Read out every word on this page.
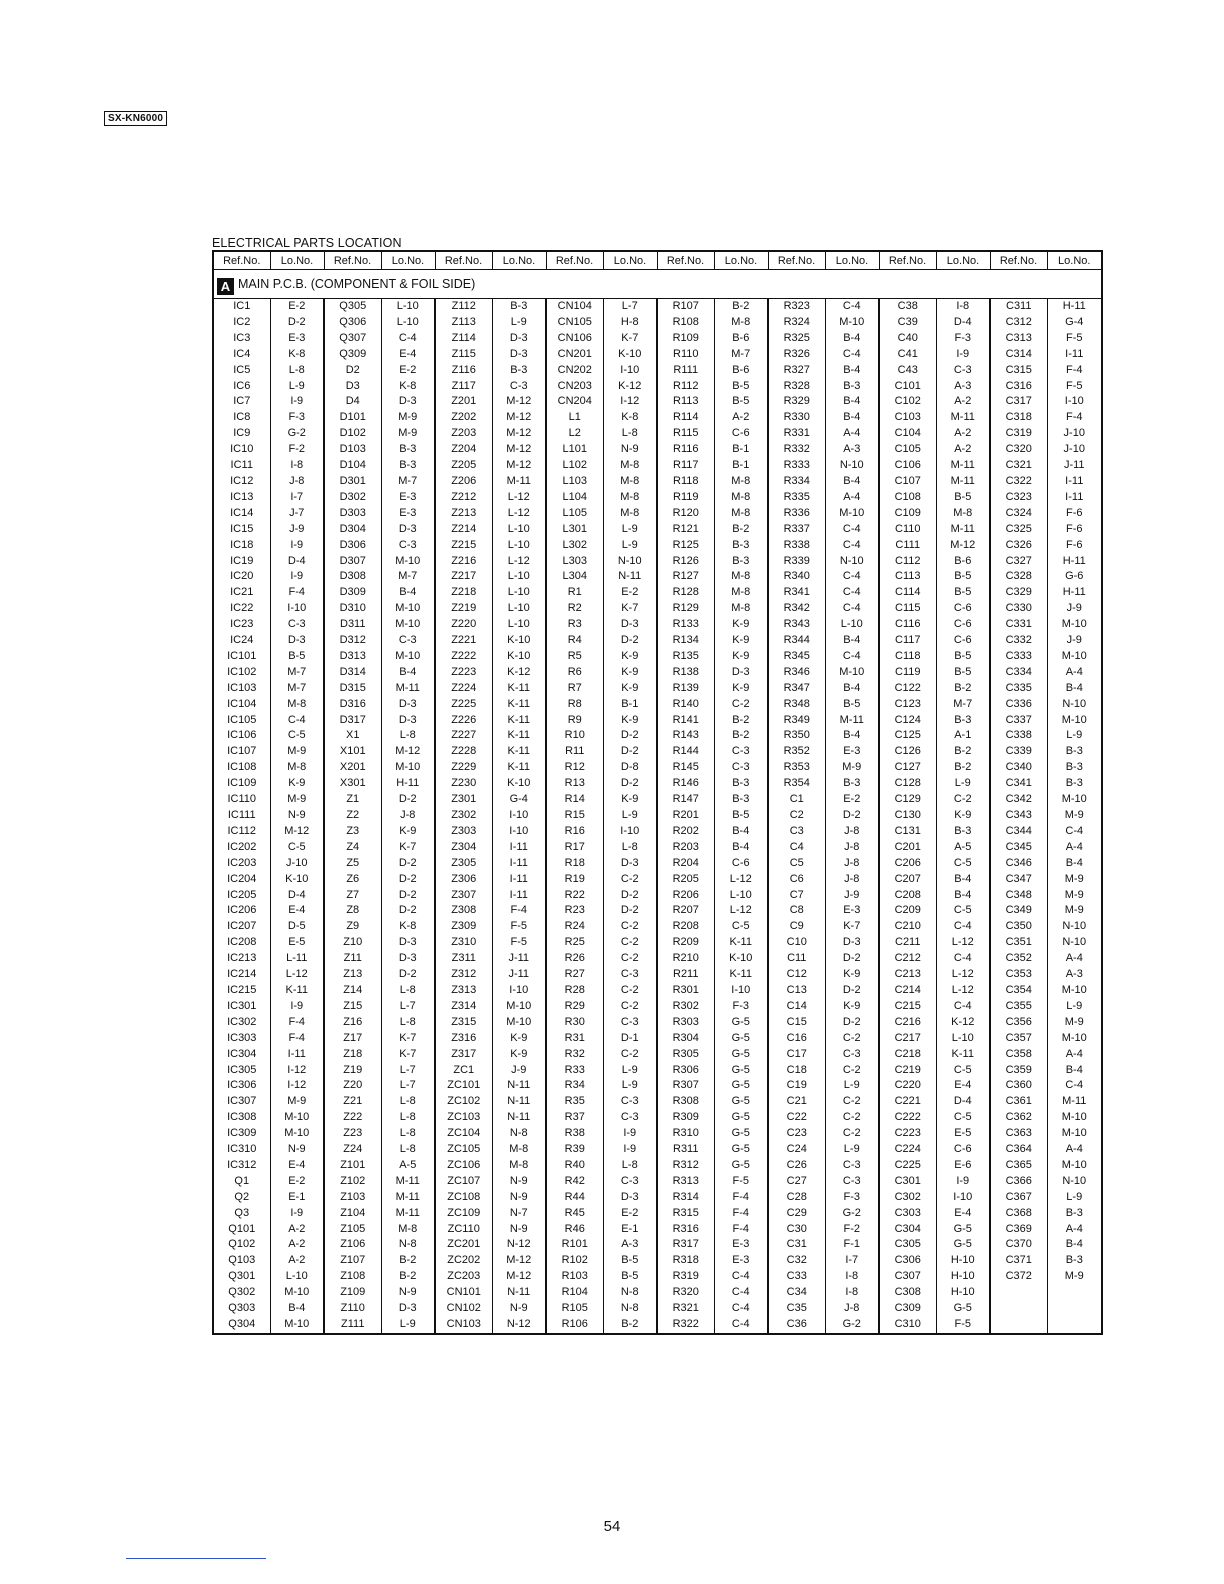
SX-KN6000
ELECTRICAL PARTS LOCATION
Ref.No.	Lo.No.	Ref.No.	Lo.No.	Ref.No.	Lo.No.	Ref.No.	Lo.No.	Ref.No.	Lo.No.	Ref.No.	Lo.No.	Ref.No.	Lo.No.	Ref.No.	Lo.No.
A MAIN P.C.B. (COMPONENT & FOIL SIDE)															
IC1	E-2	Q305	L-10	Z112	B-3	CN104	L-7	R107	B-2	R323	C-4	C38	I-8	C311	H-11
IC2	D-2	Q306	L-10	Z113	L-9	CN105	H-8	R108	M-8	R324	M-10	C39	D-4	C312	G-4
IC3	E-3	Q307	C-4	Z114	D-3	CN106	K-7	R109	B-6	R325	B-4	C40	F-3	C313	F-5
IC4	K-8	Q309	E-4	Z115	D-3	CN201	K-10	R110	M-7	R326	C-4	C41	I-9	C314	I-11
IC5	L-8	D2	E-2	Z116	B-3	CN202	I-10	R111	B-6	R327	B-4	C43	C-3	C315	F-4
IC6	L-9	D3	K-8	Z117	C-3	CN203	K-12	R112	B-5	R328	B-3	C101	A-3	C316	F-5
IC7	I-9	D4	D-3	Z201	M-12	CN204	I-12	R113	B-5	R329	B-4	C102	A-2	C317	I-10
IC8	F-3	D101	M-9	Z202	M-12	L1	K-8	R114	A-2	R330	B-4	C103	M-11	C318	F-4
IC9	G-2	D102	M-9	Z203	M-12	L2	L-8	R115	C-6	R331	A-4	C104	A-2	C319	J-10
IC10	F-2	D103	B-3	Z204	M-12	L101	N-9	R116	B-1	R332	A-3	C105	A-2	C320	J-10
IC11	I-8	D104	B-3	Z205	M-12	L102	M-8	R117	B-1	R333	N-10	C106	M-11	C321	J-11
IC12	J-8	D301	M-7	Z206	M-11	L103	M-8	R118	M-8	R334	B-4	C107	M-11	C322	I-11
IC13	I-7	D302	E-3	Z212	L-12	L104	M-8	R119	M-8	R335	A-4	C108	B-5	C323	I-11
IC14	J-7	D303	E-3	Z213	L-12	L105	M-8	R120	M-8	R336	M-10	C109	M-8	C324	F-6
IC15	J-9	D304	D-3	Z214	L-10	L301	L-9	R121	B-2	R337	C-4	C110	M-11	C325	F-6
IC18	I-9	D306	C-3	Z215	L-10	L302	L-9	R125	B-3	R338	C-4	C111	M-12	C326	F-6
IC19	D-4	D307	M-10	Z216	L-12	L303	N-10	R126	B-3	R339	N-10	C112	B-6	C327	H-11
IC20	I-9	D308	M-7	Z217	L-10	L304	N-11	R127	M-8	R340	C-4	C113	B-5	C328	G-6
IC21	F-4	D309	B-4	Z218	L-10	R1	E-2	R128	M-8	R341	C-4	C114	B-5	C329	H-11
IC22	I-10	D310	M-10	Z219	L-10	R2	K-7	R129	M-8	R342	C-4	C115	C-6	C330	J-9
IC23	C-3	D311	M-10	Z220	L-10	R3	D-3	R133	K-9	R343	L-10	C116	C-6	C331	M-10
IC24	D-3	D312	C-3	Z221	K-10	R4	D-2	R134	K-9	R344	B-4	C117	C-6	C332	J-9
IC101	B-5	D313	M-10	Z222	K-10	R5	K-9	R135	K-9	R345	C-4	C118	B-5	C333	M-10
IC102	M-7	D314	B-4	Z223	K-12	R6	K-9	R138	D-3	R346	M-10	C119	B-5	C334	A-4
IC103	M-7	D315	M-11	Z224	K-11	R7	K-9	R139	K-9	R347	B-4	C122	B-2	C335	B-4
IC104	M-8	D316	D-3	Z225	K-11	R8	B-1	R140	C-2	R348	B-5	C123	M-7	C336	N-10
IC105	C-4	D317	D-3	Z226	K-11	R9	K-9	R141	B-2	R349	M-11	C124	B-3	C337	M-10
IC106	C-5	X1	L-8	Z227	K-11	R10	D-2	R143	B-2	R350	B-4	C125	A-1	C338	L-9
IC107	M-9	X101	M-12	Z228	K-11	R11	D-2	R144	C-3	R352	E-3	C126	B-2	C339	B-3
IC108	M-8	X201	M-10	Z229	K-11	R12	D-8	R145	C-3	R353	M-9	C127	B-2	C340	B-3
IC109	K-9	X301	H-11	Z230	K-10	R13	D-2	R146	B-3	R354	B-3	C128	L-9	C341	B-3
IC110	M-9	Z1	D-2	Z301	G-4	R14	K-9	R147	B-3	C1	E-2	C129	C-2	C342	M-10
IC111	N-9	Z2	J-8	Z302	I-10	R15	L-9	R201	B-5	C2	D-2	C130	K-9	C343	M-9
IC112	M-12	Z3	K-9	Z303	I-10	R16	I-10	R202	B-4	C3	J-8	C131	B-3	C344	C-4
IC202	C-5	Z4	K-7	Z304	I-11	R17	L-8	R203	B-4	C4	J-8	C201	A-5	C345	A-4
IC203	J-10	Z5	D-2	Z305	I-11	R18	D-3	R204	C-6	C5	J-8	C206	C-5	C346	B-4
IC204	K-10	Z6	D-2	Z306	I-11	R19	C-2	R205	L-12	C6	J-8	C207	B-4	C347	M-9
IC205	D-4	Z7	D-2	Z307	I-11	R22	D-2	R206	L-10	C7	J-9	C208	B-4	C348	M-9
IC206	E-4	Z8	D-2	Z308	F-4	R23	D-2	R207	L-12	C8	E-3	C209	C-5	C349	M-9
IC207	D-5	Z9	K-8	Z309	F-5	R24	C-2	R208	C-5	C9	K-7	C210	C-4	C350	N-10
IC208	E-5	Z10	D-3	Z310	F-5	R25	C-2	R209	K-11	C10	D-3	C211	L-12	C351	N-10
IC213	L-11	Z11	D-3	Z311	J-11	R26	C-2	R210	K-10	C11	D-2	C212	C-4	C352	A-4
IC214	L-12	Z13	D-2	Z312	J-11	R27	C-3	R211	K-11	C12	K-9	C213	L-12	C353	A-3
IC215	K-11	Z14	L-8	Z313	I-10	R28	C-2	R301	I-10	C13	D-2	C214	L-12	C354	M-10
IC301	I-9	Z15	L-7	Z314	M-10	R29	C-2	R302	F-3	C14	K-9	C215	C-4	C355	L-9
IC302	F-4	Z16	L-8	Z315	M-10	R30	C-3	R303	G-5	C15	D-2	C216	K-12	C356	M-9
IC303	F-4	Z17	K-7	Z316	K-9	R31	D-1	R304	G-5	C16	C-2	C217	L-10	C357	M-10
IC304	I-11	Z18	K-7	Z317	K-9	R32	C-2	R305	G-5	C17	C-3	C218	K-11	C358	A-4
IC305	I-12	Z19	L-7	ZC1	J-9	R33	L-9	R306	G-5	C18	C-2	C219	C-5	C359	B-4
IC306	I-12	Z20	L-7	ZC101	N-11	R34	L-9	R307	G-5	C19	L-9	C220	E-4	C360	C-4
IC307	M-9	Z21	L-8	ZC102	N-11	R35	C-3	R308	G-5	C21	C-2	C221	D-4	C361	M-11
IC308	M-10	Z22	L-8	ZC103	N-11	R37	C-3	R309	G-5	C22	C-2	C222	C-5	C362	M-10
IC309	M-10	Z23	L-8	ZC104	N-8	R38	I-9	R310	G-5	C23	C-2	C223	E-5	C363	M-10
IC310	N-9	Z24	L-8	ZC105	M-8	R39	I-9	R311	G-5	C24	L-9	C224	C-6	C364	A-4
IC312	E-4	Z101	A-5	ZC106	M-8	R40	L-8	R312	G-5	C26	C-3	C225	E-6	C365	M-10
Q1	E-2	Z102	M-11	ZC107	N-9	R42	C-3	R313	F-5	C27	C-3	C301	I-9	C366	N-10
Q2	E-1	Z103	M-11	ZC108	N-9	R44	D-3	R314	F-4	C28	F-3	C302	I-10	C367	L-9
Q3	I-9	Z104	M-11	ZC109	N-7	R45	E-2	R315	F-4	C29	G-2	C303	E-4	C368	B-3
Q101	A-2	Z105	M-8	ZC110	N-9	R46	E-1	R316	F-4	C30	F-2	C304	G-5	C369	A-4
Q102	A-2	Z106	N-8	ZC201	N-12	R101	A-3	R317	E-3	C31	F-1	C305	G-5	C370	B-4
Q103	A-2	Z107	B-2	ZC202	M-12	R102	B-5	R318	E-3	C32	I-7	C306	H-10	C371	B-3
Q301	L-10	Z108	B-2	ZC203	M-12	R103	B-5	R319	C-4	C33	I-8	C307	H-10	C372	M-9
Q302	M-10	Z109	N-9	CN101	N-11	R104	N-8	R320	C-4	C34	I-8	C308	H-10		
Q303	B-4	Z110	D-3	CN102	N-9	R105	N-8	R321	C-4	C35	J-8	C309	G-5		
Q304	M-10	Z111	L-9	CN103	N-12	R106	B-2	R322	C-4	C36	G-2	C310	F-5		
54
